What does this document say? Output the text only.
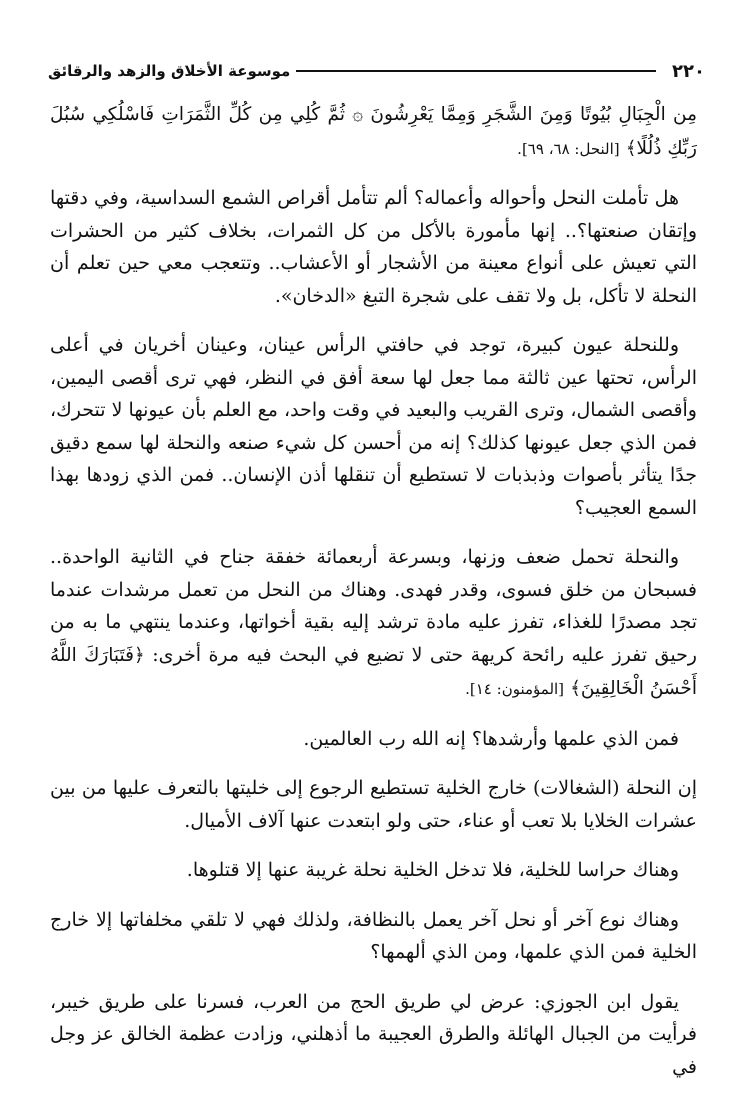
٢٢٠
موسوعة الأخلاق والزهد والرقائق

مِن الْجِبَالِ بُيُوتًا وَمِنَ الشَّجَرِ وَمِمَّا يَعْرِشُونَ ۞ ثُمَّ كُلِي مِن كُلِّ الثَّمَرَاتِ فَاسْلُكِي سُبُلَ رَبِّكِ ذُلُلًا﴾ [النحل: ٦٨، ٦٩].

هل تأملت النحل وأحواله وأعماله؟ ألم تتأمل أقراص الشمع السداسية، وفي دقتها وإتقان صنعتها؟.. إنها مأمورة بالأكل من كل الثمرات، بخلاف كثير من الحشرات التي تعيش على أنواع معينة من الأشجار أو الأعشاب.. وتتعجب معي حين تعلم أن النحلة لا تأكل، بل ولا تقف على شجرة التبغ «الدخان».

وللنحلة عيون كبيرة، توجد في حافتي الرأس عينان، وعينان أخريان في أعلى الرأس، تحتها عين ثالثة مما جعل لها سعة أفق في النظر، فهي ترى أقصى اليمين، وأقصى الشمال، وترى القريب والبعيد في وقت واحد، مع العلم بأن عيونها لا تتحرك، فمن الذي جعل عيونها كذلك؟ إنه من أحسن كل شيء صنعه والنحلة لها سمع دقيق جدًا يتأثر بأصوات وذبذبات لا تستطيع أن تنقلها أذن الإنسان.. فمن الذي زودها بهذا السمع العجيب؟

والنحلة تحمل ضعف وزنها، وبسرعة أربعمائة خفقة جناح في الثانية الواحدة.. فسبحان من خلق فسوى، وقدر فهدى. وهناك من النحل من تعمل مرشدات عندما تجد مصدرًا للغذاء، تفرز عليه مادة ترشد إليه بقية أخواتها، وعندما ينتهي ما به من رحيق تفرز عليه رائحة كريهة حتى لا تضيع في البحث فيه مرة أخرى: ﴿فَتَبَارَكَ اللَّهُ أَحْسَنُ الْخَالِقِينَ﴾ [المؤمنون: ١٤].

فمن الذي علمها وأرشدها؟ إنه الله رب العالمين.

إن النحلة (الشغالات) خارج الخلية تستطيع الرجوع إلى خليتها بالتعرف عليها من بين عشرات الخلايا بلا تعب أو عناء، حتى ولو ابتعدت عنها آلاف الأميال.

وهناك حراسا للخلية، فلا تدخل الخلية نحلة غريبة عنها إلا قتلوها.

وهناك نوع آخر أو نحل آخر يعمل بالنظافة، ولذلك فهي لا تلقي مخلفاتها إلا خارج الخلية فمن الذي علمها، ومن الذي ألهمها؟

يقول ابن الجوزي: عرض لي طريق الحج من العرب، فسرنا على طريق خيبر، فرأيت من الجبال الهائلة والطرق العجيبة ما أذهلني، وزادت عظمة الخالق عز وجل في
